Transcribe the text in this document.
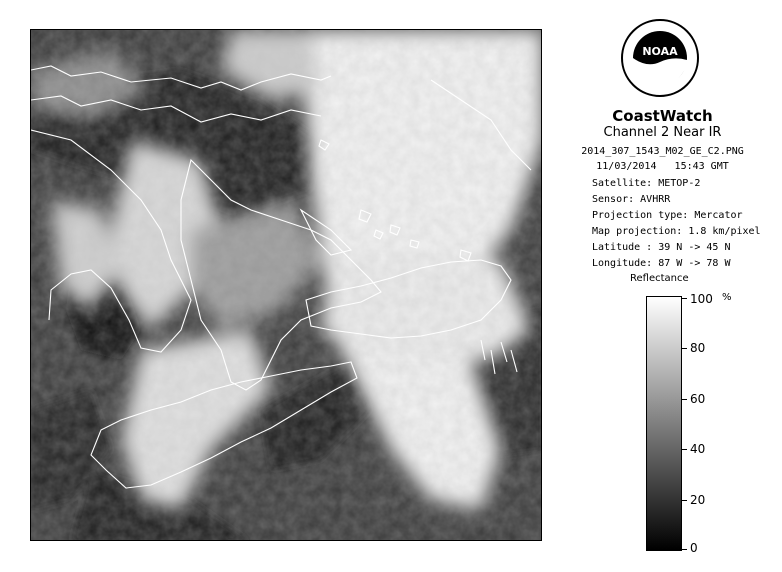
NOAA
CoastWatch
Channel 2 Near IR
2014_307_1543_M02_GE_C2.PNG
11/03/2014 15:43 GMT
Satellite: METOP-2
Sensor: AVHRR
Projection type: Mercator
Map projection: 1.8 km/pixel
Latitude : 39 N -> 45 N
Longitude: 87 W -> 78 W
Reflectance
%
100
80
60
40
20
0
